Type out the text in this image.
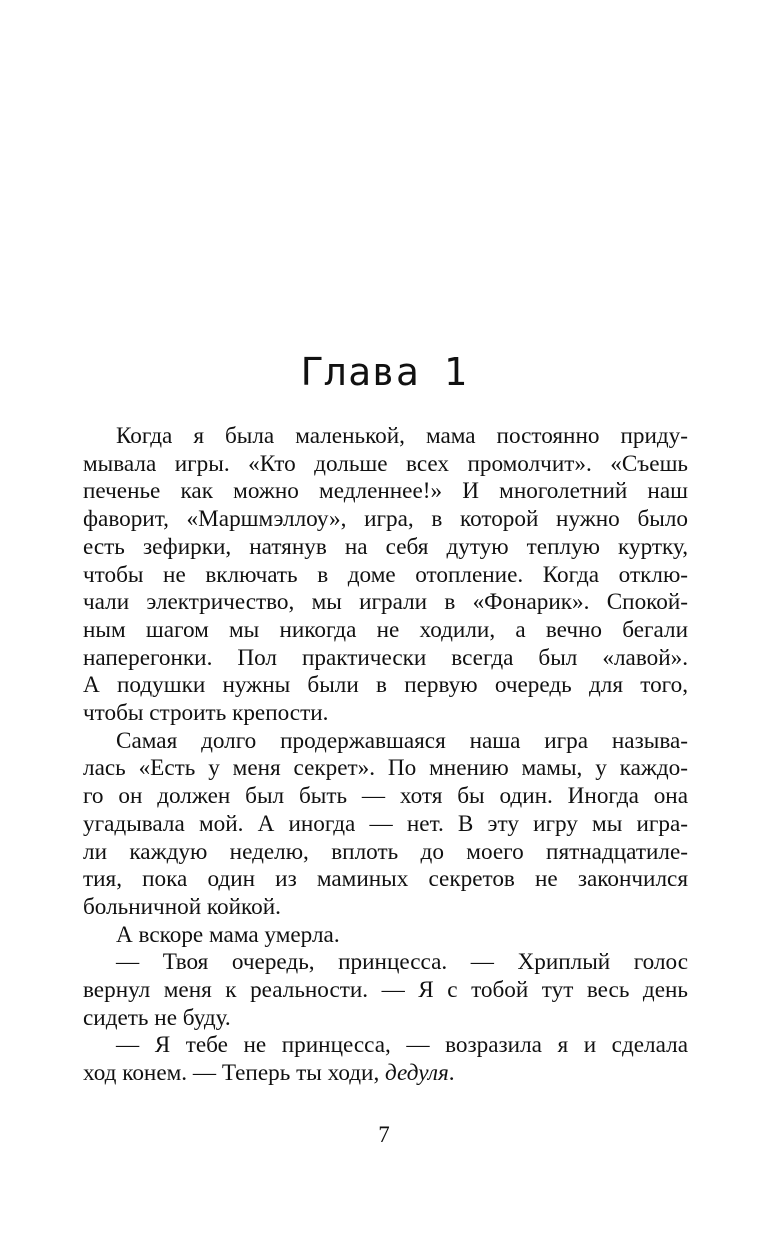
Глава 1

Когда я была маленькой, мама постоянно приду-
мывала игры. «Кто дольше всех промолчит». «Съешь
печенье как можно медленнее!» И многолетний наш
фаворит, «Маршмэллоу», игра, в которой нужно было
есть зефирки, натянув на себя дутую теплую куртку,
чтобы не включать в доме отопление. Когда отклю-
чали электричество, мы играли в «Фонарик». Спокой-
ным шагом мы никогда не ходили, а вечно бегали
наперегонки. Пол практически всегда был «лавой».
А подушки нужны были в первую очередь для того,
чтобы строить крепости.

Самая долго продержавшаяся наша игра называ-
лась «Есть у меня секрет». По мнению мамы, у каждо-
го он должен был быть — хотя бы один. Иногда она
угадывала мой. А иногда — нет. В эту игру мы игра-
ли каждую неделю, вплоть до моего пятнадцатиле-
тия, пока один из маминых секретов не закончился
больничной койкой.

А вскоре мама умерла.

— Твоя очередь, принцесса. — Хриплый голос
вернул меня к реальности. — Я с тобой тут весь день
сидеть не буду.

— Я тебе не принцесса, — возразила я и сделала
ход конем. — Теперь ты ходи, дедуля.

7
